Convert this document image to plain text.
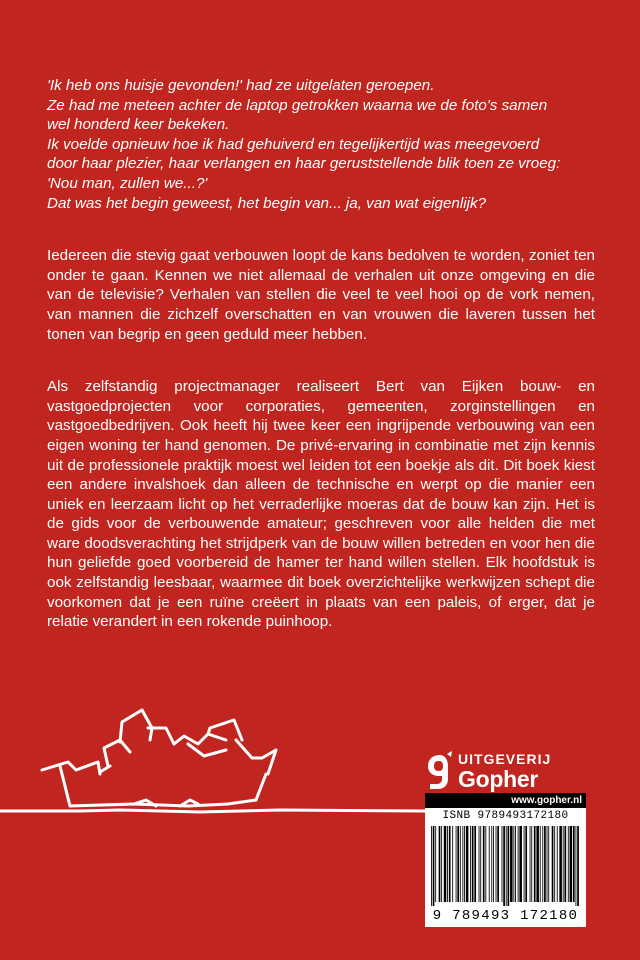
'Ik heb ons huisje gevonden!' had ze uitgelaten geroepen.

Ze had me meteen achter de laptop getrokken waarna we de foto's samen

wel honderd keer bekeken.

Ik voelde opnieuw hoe ik had gehuiverd en tegelijkertijd was meegevoerd

door haar plezier, haar verlangen en haar geruststellende blik toen ze vroeg:

'Nou man, zullen we...?'

Dat was het begin geweest, het begin van... ja, van wat eigenlijk?

Iedereen die stevig gaat verbouwen loopt de kans bedolven te worden, zoniet ten onder te gaan. Kennen we niet allemaal de verhalen uit onze omgeving en die van de televisie? Verhalen van stellen die veel te veel hooi op de vork nemen, van mannen die zichzelf overschatten en van vrouwen die laveren tussen het tonen van begrip en geen geduld meer hebben.

Als zelfstandig projectmanager realiseert Bert van Eijken bouw- en vastgoedprojecten voor corporaties, gemeenten, zorginstellingen en vastgoedbedrijven. Ook heeft hij twee keer een ingrijpende verbouwing van een eigen woning ter hand genomen. De privé-ervaring in combinatie met zijn kennis uit de professionele praktijk moest wel leiden tot een boekje als dit. Dit boek kiest een andere invalshoek dan alleen de technische en werpt op die manier een uniek en leerzaam licht op het verraderlijke moeras dat de bouw kan zijn. Het is de gids voor de verbouwende amateur; geschreven voor alle helden die met ware doodsverachting het strijdperk van de bouw willen betreden en voor hen die hun geliefde goed voorbereid de hamer ter hand willen stellen. Elk hoofdstuk is ook zelfstandig leesbaar, waarmee dit boek overzichtelijke werkwijzen schept die voorkomen dat je een ruïne creëert in plaats van een paleis, of erger, dat je relatie verandert in een rokende puinhoop.

UITGEVERIJ
Gopher
www.gopher.nl
ISNB 9789493172180
9 789493 172180
